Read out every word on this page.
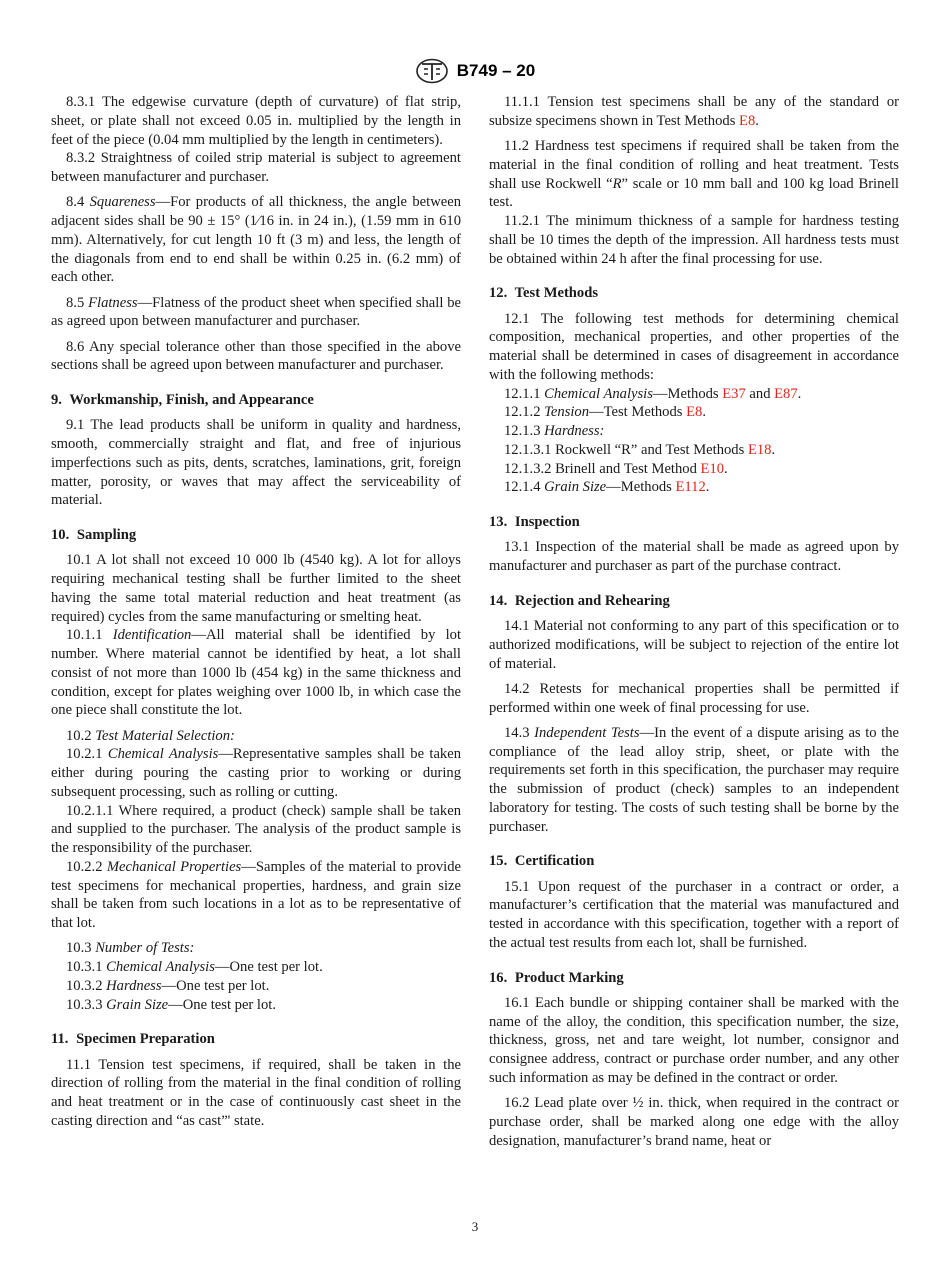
B749 – 20

8.3.1 The edgewise curvature (depth of curvature) of flat strip, sheet, or plate shall not exceed 0.05 in. multiplied by the length in feet of the piece (0.04 mm multiplied by the length in centimeters).

8.3.2 Straightness of coiled strip material is subject to agreement between manufacturer and purchaser.

8.4 Squareness—For products of all thickness, the angle between adjacent sides shall be 90 ± 15° (1⁄16 in. in 24 in.), (1.59 mm in 610 mm). Alternatively, for cut length 10 ft (3 m) and less, the length of the diagonals from end to end shall be within 0.25 in. (6.2 mm) of each other.

8.5 Flatness—Flatness of the product sheet when specified shall be as agreed upon between manufacturer and purchaser.

8.6 Any special tolerance other than those specified in the above sections shall be agreed upon between manufacturer and purchaser.

9. Workmanship, Finish, and Appearance

9.1 The lead products shall be uniform in quality and hardness, smooth, commercially straight and flat, and free of injurious imperfections such as pits, dents, scratches, laminations, grit, foreign matter, porosity, or waves that may affect the serviceability of material.

10. Sampling

10.1 A lot shall not exceed 10 000 lb (4540 kg). A lot for alloys requiring mechanical testing shall be further limited to the sheet having the same total material reduction and heat treatment (as required) cycles from the same manufacturing or smelting heat.

10.1.1 Identification—All material shall be identified by lot number. Where material cannot be identified by heat, a lot shall consist of not more than 1000 lb (454 kg) in the same thickness and condition, except for plates weighing over 1000 lb, in which case the one piece shall constitute the lot.

10.2 Test Material Selection:

10.2.1 Chemical Analysis—Representative samples shall be taken either during pouring the casting prior to working or during subsequent processing, such as rolling or cutting.

10.2.1.1 Where required, a product (check) sample shall be taken and supplied to the purchaser. The analysis of the product sample is the responsibility of the purchaser.

10.2.2 Mechanical Properties—Samples of the material to provide test specimens for mechanical properties, hardness, and grain size shall be taken from such locations in a lot as to be representative of that lot.

10.3 Number of Tests:

10.3.1 Chemical Analysis—One test per lot.

10.3.2 Hardness—One test per lot.

10.3.3 Grain Size—One test per lot.

11. Specimen Preparation

11.1 Tension test specimens, if required, shall be taken in the direction of rolling from the material in the final condition of rolling and heat treatment or in the case of continuously cast sheet in the casting direction and “as cast”' state.

11.1.1 Tension test specimens shall be any of the standard or subsize specimens shown in Test Methods E8.

11.2 Hardness test specimens if required shall be taken from the material in the final condition of rolling and heat treatment. Tests shall use Rockwell “R” scale or 10 mm ball and 100 kg load Brinell test.

11.2.1 The minimum thickness of a sample for hardness testing shall be 10 times the depth of the impression. All hardness tests must be obtained within 24 h after the final processing for use.

12. Test Methods

12.1 The following test methods for determining chemical composition, mechanical properties, and other properties of the material shall be determined in cases of disagreement in accordance with the following methods:

12.1.1 Chemical Analysis—Methods E37 and E87.

12.1.2 Tension—Test Methods E8.

12.1.3 Hardness:

12.1.3.1 Rockwell “R” and Test Methods E18.

12.1.3.2 Brinell and Test Method E10.

12.1.4 Grain Size—Methods E112.

13. Inspection

13.1 Inspection of the material shall be made as agreed upon by manufacturer and purchaser as part of the purchase contract.

14. Rejection and Rehearing

14.1 Material not conforming to any part of this specification or to authorized modifications, will be subject to rejection of the entire lot of material.

14.2 Retests for mechanical properties shall be permitted if performed within one week of final processing for use.

14.3 Independent Tests—In the event of a dispute arising as to the compliance of the lead alloy strip, sheet, or plate with the requirements set forth in this specification, the purchaser may require the submission of product (check) samples to an independent laboratory for testing. The costs of such testing shall be borne by the purchaser.

15. Certification

15.1 Upon request of the purchaser in a contract or order, a manufacturer’s certification that the material was manufactured and tested in accordance with this specification, together with a report of the actual test results from each lot, shall be furnished.

16. Product Marking

16.1 Each bundle or shipping container shall be marked with the name of the alloy, the condition, this specification number, the size, thickness, gross, net and tare weight, lot number, consignor and consignee address, contract or purchase order number, and any other such information as may be defined in the contract or order.

16.2 Lead plate over ½ in. thick, when required in the contract or purchase order, shall be marked along one edge with the alloy designation, manufacturer’s brand name, heat or

3
